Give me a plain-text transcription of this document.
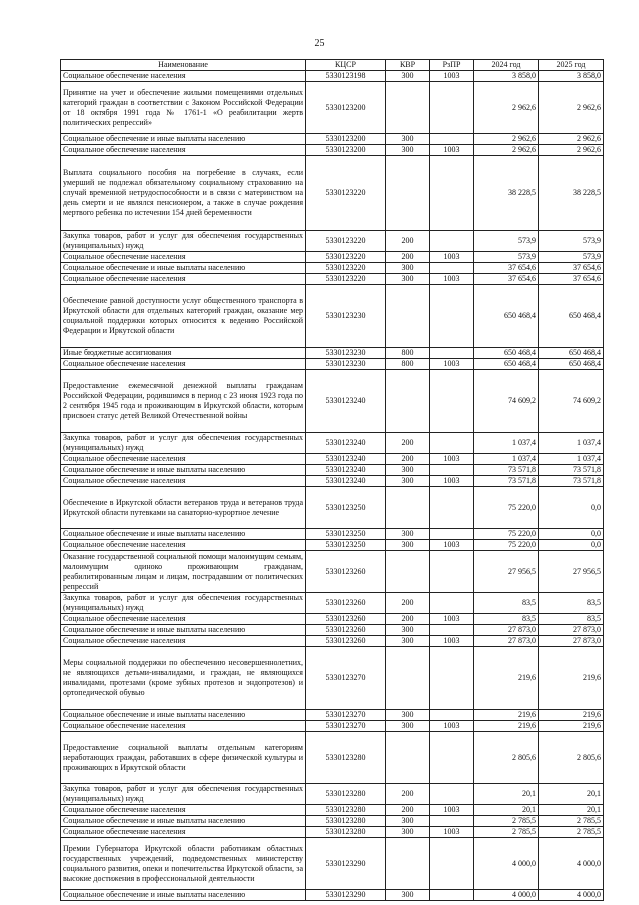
25
Наименование	КЦСР	КВР	РзПР	2024 год	2025 год
Социальное обеспечение населения	5330123198	300	1003	3 858,0	3 858,0
Принятие на учет и обеспечение жилыми помещениями отдельных категорий граждан в соответствии с Законом Российской Федерации от 18 октября 1991 года № 1761-1 «О реабилитации жертв политических репрессий»	5330123200			2 962,6	2 962,6
Социальное обеспечение и иные выплаты населению	5330123200	300		2 962,6	2 962,6
Социальное обеспечение населения	5330123200	300	1003	2 962,6	2 962,6
Выплата социального пособия на погребение в случаях, если умерший не подлежал обязательному социальному страхованию на случай временной нетрудоспособности и в связи с материнством на день смерти и не являлся пенсионером, а также в случае рождения мертвого ребенка по истечении 154 дней беременности	5330123220			38 228,5	38 228,5
Закупка товаров, работ и услуг для обеспечения государственных (муниципальных) нужд	5330123220	200		573,9	573,9
Социальное обеспечение населения	5330123220	200	1003	573,9	573,9
Социальное обеспечение и иные выплаты населению	5330123220	300		37 654,6	37 654,6
Социальное обеспечение населения	5330123220	300	1003	37 654,6	37 654,6
Обеспечение равной доступности услуг общественного транспорта в Иркутской области для отдельных категорий граждан, оказание мер социальной поддержки которых относится к ведению Российской Федерации и Иркутской области	5330123230			650 468,4	650 468,4
Иные бюджетные ассигнования	5330123230	800		650 468,4	650 468,4
Социальное обеспечение населения	5330123230	800	1003	650 468,4	650 468,4
Предоставление ежемесячной денежной выплаты гражданам Российской Федерации, родившимся в период с 23 июня 1923 года по 2 сентября 1945 года и проживающим в Иркутской области, которым присвоен статус детей Великой Отечественной войны	5330123240			74 609,2	74 609,2
Закупка товаров, работ и услуг для обеспечения государственных (муниципальных) нужд	5330123240	200		1 037,4	1 037,4
Социальное обеспечение населения	5330123240	200	1003	1 037,4	1 037,4
Социальное обеспечение и иные выплаты населению	5330123240	300		73 571,8	73 571,8
Социальное обеспечение населения	5330123240	300	1003	73 571,8	73 571,8
Обеспечение в Иркутской области ветеранов труда и ветеранов труда Иркутской области путевками на санаторно-курортное лечение	5330123250			75 220,0	0,0
Социальное обеспечение и иные выплаты населению	5330123250	300		75 220,0	0,0
Социальное обеспечение населения	5330123250	300	1003	75 220,0	0,0
Оказание государственной социальной помощи малоимущим семьям, малоимущим одиноко проживающим гражданам, реабилитированным лицам и лицам, пострадавшим от политических репрессий	5330123260			27 956,5	27 956,5
Закупка товаров, работ и услуг для обеспечения государственных (муниципальных) нужд	5330123260	200		83,5	83,5
Социальное обеспечение населения	5330123260	200	1003	83,5	83,5
Социальное обеспечение и иные выплаты населению	5330123260	300		27 873,0	27 873,0
Социальное обеспечение населения	5330123260	300	1003	27 873,0	27 873,0
Меры социальной поддержки по обеспечению несовершеннолетних, не являющихся детьми-инвалидами, и граждан, не являющихся инвалидами, протезами (кроме зубных протезов и эндопротезов) и ортопедической обувью	5330123270			219,6	219,6
Социальное обеспечение и иные выплаты населению	5330123270	300		219,6	219,6
Социальное обеспечение населения	5330123270	300	1003	219,6	219,6
Предоставление социальной выплаты отдельным категориям неработающих граждан, работавших в сфере физической культуры и проживающих в Иркутской области	5330123280			2 805,6	2 805,6
Закупка товаров, работ и услуг для обеспечения государственных (муниципальных) нужд	5330123280	200		20,1	20,1
Социальное обеспечение населения	5330123280	200	1003	20,1	20,1
Социальное обеспечение и иные выплаты населению	5330123280	300		2 785,5	2 785,5
Социальное обеспечение населения	5330123280	300	1003	2 785,5	2 785,5
Премии Губернатора Иркутской области работникам областных государственных учреждений, подведомственных министерству социального развития, опеки и попечительства Иркутской области, за высокие достижения в профессиональной деятельности	5330123290			4 000,0	4 000,0
Социальное обеспечение и иные выплаты населению	5330123290	300		4 000,0	4 000,0
